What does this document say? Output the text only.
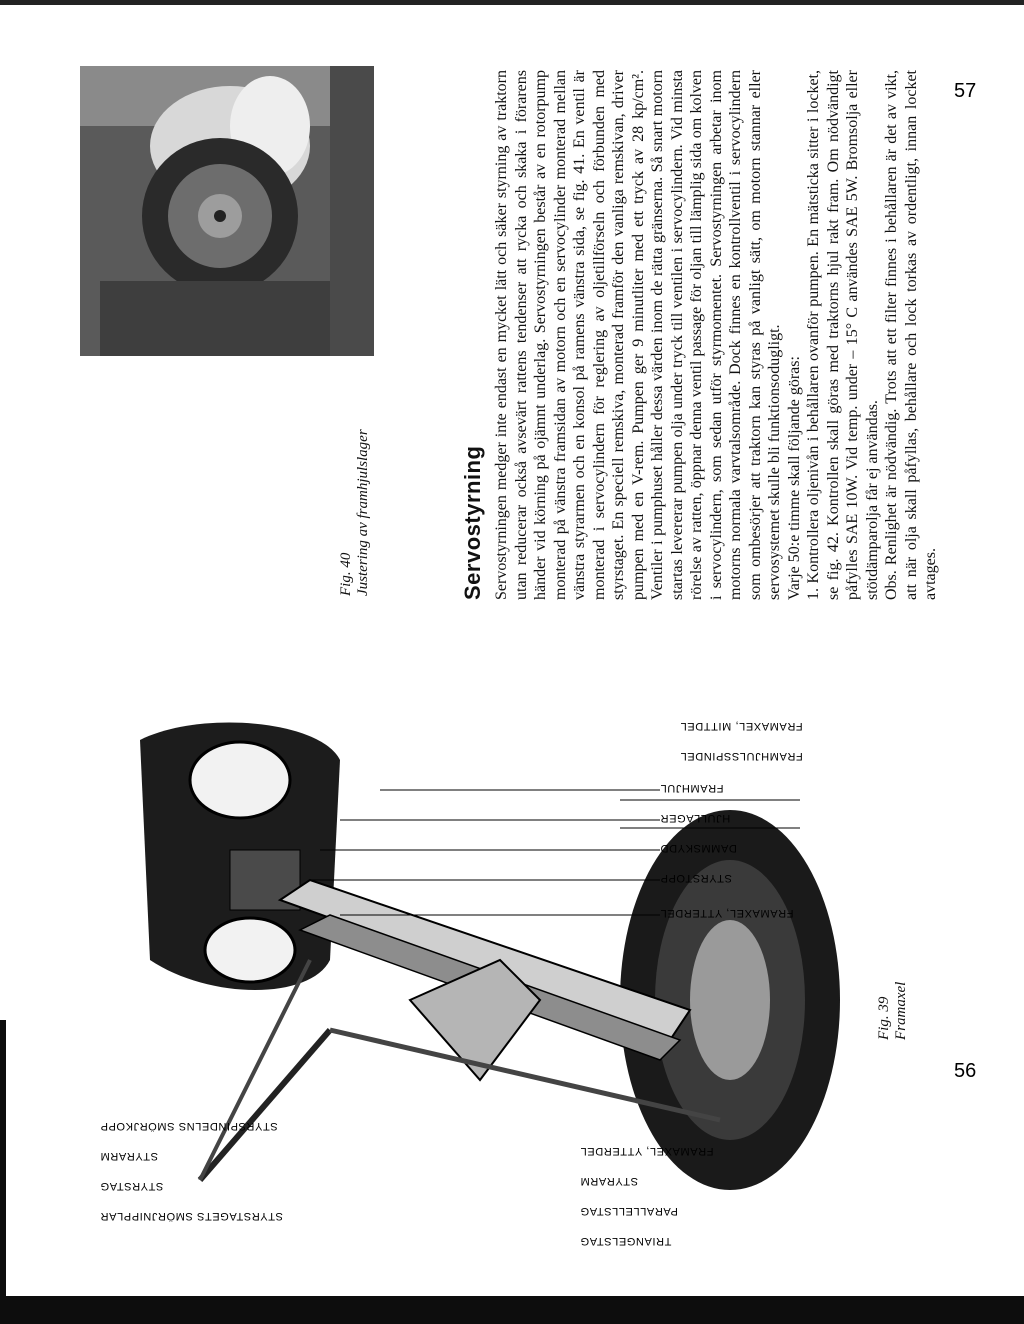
Fig. 40 Justering av framhjulslager	Servostyrning Servostyrningen medger inte endast en mycket lätt och säker styrning av traktorn utan reducerar också avsevärt rattens tendenser att rycka och skaka i förarens händer vid körning på ojämnt underlag. Servostyrningen består av en rotorpump monterad på vänstra framsidan av motorn och en servocylinder monterad mellan vänstra styrarmen och en konsol på ramens vänstra sida, se fig. 41. En ventil är monterad i servocylindern för reglering av oljetillförseln och förbunden med styrstaget. En speciell remskiva, monterad framför den vanliga remskivan, driver pumpen med en V-rem. Pumpen ger 9 minutliter med ett tryck av 28 kp/cm². Ventiler i pumphuset håller dessa värden inom de rätta gränserna. Så snart motorn startas levererar pumpen olja under tryck till ventilen i servocylindern. Vid minsta rörelse av ratten, öppnar denna ventil passage för oljan till lämplig sida om kolven i servocylindern, som sedan utför styrmomentet. Servostyrningen arbetar inom motorns normala varvtalsområde. Dock finnes en kontrollventil i servocylindern som ombesörjer att traktorn kan styras på vanligt sätt, om motorn stannar eller servosystemet skulle bli funktionsodugligt. Varje 50:e timme skall följande göras: 1. Kontrollera oljenivån i behållaren ovanför pumpen. En mätsticka sitter i locket, se fig. 42. Kontrollen skall göras med traktorns hjul rakt fram. Om nödvändigt påfylles SAE 10W. Vid temp. under – 15° C användes SAE 5W. Bromsolja eller stötdämparolja får ej användas. Obs. Renlighet är nödvändig. Trots att ett filter finnes i behållaren är det av vikt, att när olja skall påfyllas, behållare och lock torkas av ordentligt, innan locket avtages.

Fig. 39 Framaxel
FRAMHJUL
HJULLAGER
DAMMSKYDD
STYRSTOPP
FRAMAXEL, YTTERDEL
FRAMAXEL, MITTDEL
FRAMHJULSSPINDEL
STYRSTAGETS SMÖRJNIPPLAR
STYRSTAG
STYRARM
STYRSPINDELNS SMÖRJKOPP
TRIANGELSTAG
PARALLELLSTAG
STYRARM
FRAMAXEL, YTTERDEL
56
57
